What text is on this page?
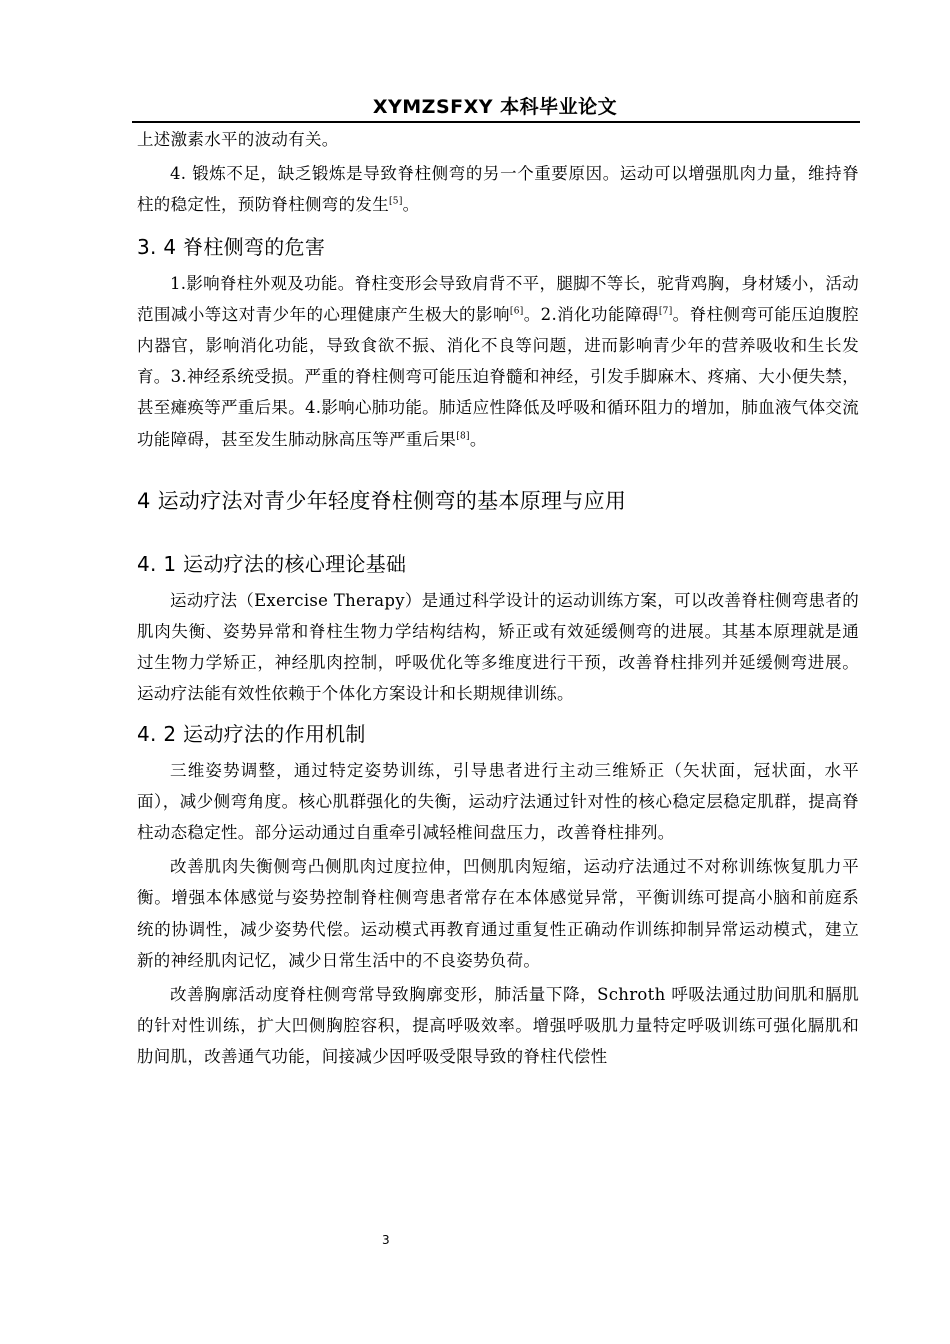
XYMZSFXY 本科毕业论文

上述激素水平的波动有关。

4. 锻炼不足，缺乏锻炼是导致脊柱侧弯的另一个重要原因。运动可以增强肌肉力量，维持脊柱的稳定性，预防脊柱侧弯的发生[5]。

3. 4 脊柱侧弯的危害

1.影响脊柱外观及功能。脊柱变形会导致肩背不平，腿脚不等长，驼背鸡胸，身材矮小，活动范围减小等这对青少年的心理健康产生极大的影响[6]。2.消化功能障碍[7]。脊柱侧弯可能压迫腹腔内器官，影响消化功能，导致食欲不振、消化不良等问题，进而影响青少年的营养吸收和生长发育。3.神经系统受损。严重的脊柱侧弯可能压迫脊髓和神经，引发手脚麻木、疼痛、大小便失禁，甚至瘫痪等严重后果。4.影响心肺功能。肺适应性降低及呼吸和循环阻力的增加，肺血液气体交流功能障碍，甚至发生肺动脉高压等严重后果[8]。

4 运动疗法对青少年轻度脊柱侧弯的基本原理与应用
4. 1 运动疗法的核心理论基础

运动疗法（Exercise Therapy）是通过科学设计的运动训练方案，可以改善脊柱侧弯患者的肌肉失衡、姿势异常和脊柱生物力学结构结构，矫正或有效延缓侧弯的进展。其基本原理就是通过生物力学矫正，神经肌肉控制，呼吸优化等多维度进行干预，改善脊柱排列并延缓侧弯进展。运动疗法能有效性依赖于个体化方案设计和长期规律训练。

4. 2 运动疗法的作用机制

三维姿势调整，通过特定姿势训练，引导患者进行主动三维矫正（矢状面，冠状面，水平面），减少侧弯角度。核心肌群强化的失衡，运动疗法通过针对性的核心稳定层稳定肌群，提高脊柱动态稳定性。部分运动通过自重牵引减轻椎间盘压力，改善脊柱排列。

改善肌肉失衡侧弯凸侧肌肉过度拉伸，凹侧肌肉短缩，运动疗法通过不对称训练恢复肌力平衡。增强本体感觉与姿势控制脊柱侧弯患者常存在本体感觉异常，平衡训练可提高小脑和前庭系统的协调性，减少姿势代偿。运动模式再教育通过重复性正确动作训练抑制异常运动模式，建立新的神经肌肉记忆，减少日常生活中的不良姿势负荷。

改善胸廓活动度脊柱侧弯常导致胸廓变形，肺活量下降，Schroth 呼吸法通过肋间肌和膈肌的针对性训练，扩大凹侧胸腔容积，提高呼吸效率。增强呼吸肌力量特定呼吸训练可强化膈肌和肋间肌，改善通气功能，间接减少因呼吸受限导致的脊柱代偿性

3
